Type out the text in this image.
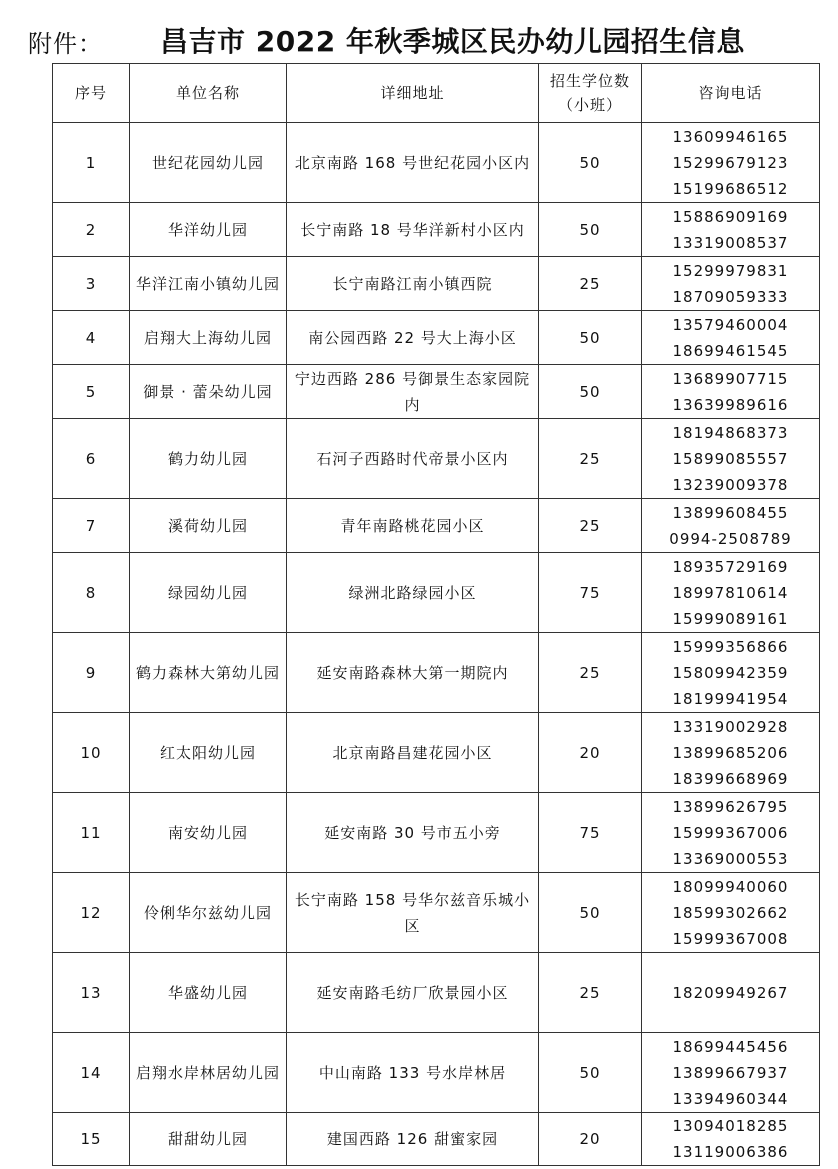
附件： 昌吉市 2022 年秋季城区民办幼儿园招生信息
序号	单位名称	详细地址	招生学位数（小班）	咨询电话
1	世纪花园幼儿园	北京南路 168 号世纪花园小区内	50	13609946165
15299679123
15199686512

2	华洋幼儿园	长宁南路 18 号华洋新村小区内	50	15886909169
13319008537

3	华洋江南小镇幼儿园	长宁南路江南小镇西院	25	15299979831
18709059333

4	启翔大上海幼儿园	南公园西路 22 号大上海小区	50	13579460004
18699461545

5	御景 · 蕾朵幼儿园	宁边西路 286 号御景生态家园院内	50	13689907715
13639989616

6	鹤力幼儿园	石河子西路时代帝景小区内	25	18194868373
15899085557
13239009378

7	溪荷幼儿园	青年南路桃花园小区	25	13899608455
0994-2508789

8	绿园幼儿园	绿洲北路绿园小区	75	18935729169
18997810614
15999089161

9	鹤力森林大第幼儿园	延安南路森林大第一期院内	25	15999356866
15809942359
18199941954

10	红太阳幼儿园	北京南路昌建花园小区	20	13319002928
13899685206
18399668969

11	南安幼儿园	延安南路 30 号市五小旁	75	13899626795
15999367006
13369000553

12	伶俐华尔兹幼儿园	长宁南路 158 号华尔兹音乐城小区	50	18099940060
18599302662
15999367008

13	华盛幼儿园	延安南路毛纺厂欣景园小区	25	18209949267

14	启翔水岸林居幼儿园	中山南路 133 号水岸林居	50	18699445456
13899667937
13394960344

15	甜甜幼儿园	建国西路 126 甜蜜家园	20	13094018285
13119006386
